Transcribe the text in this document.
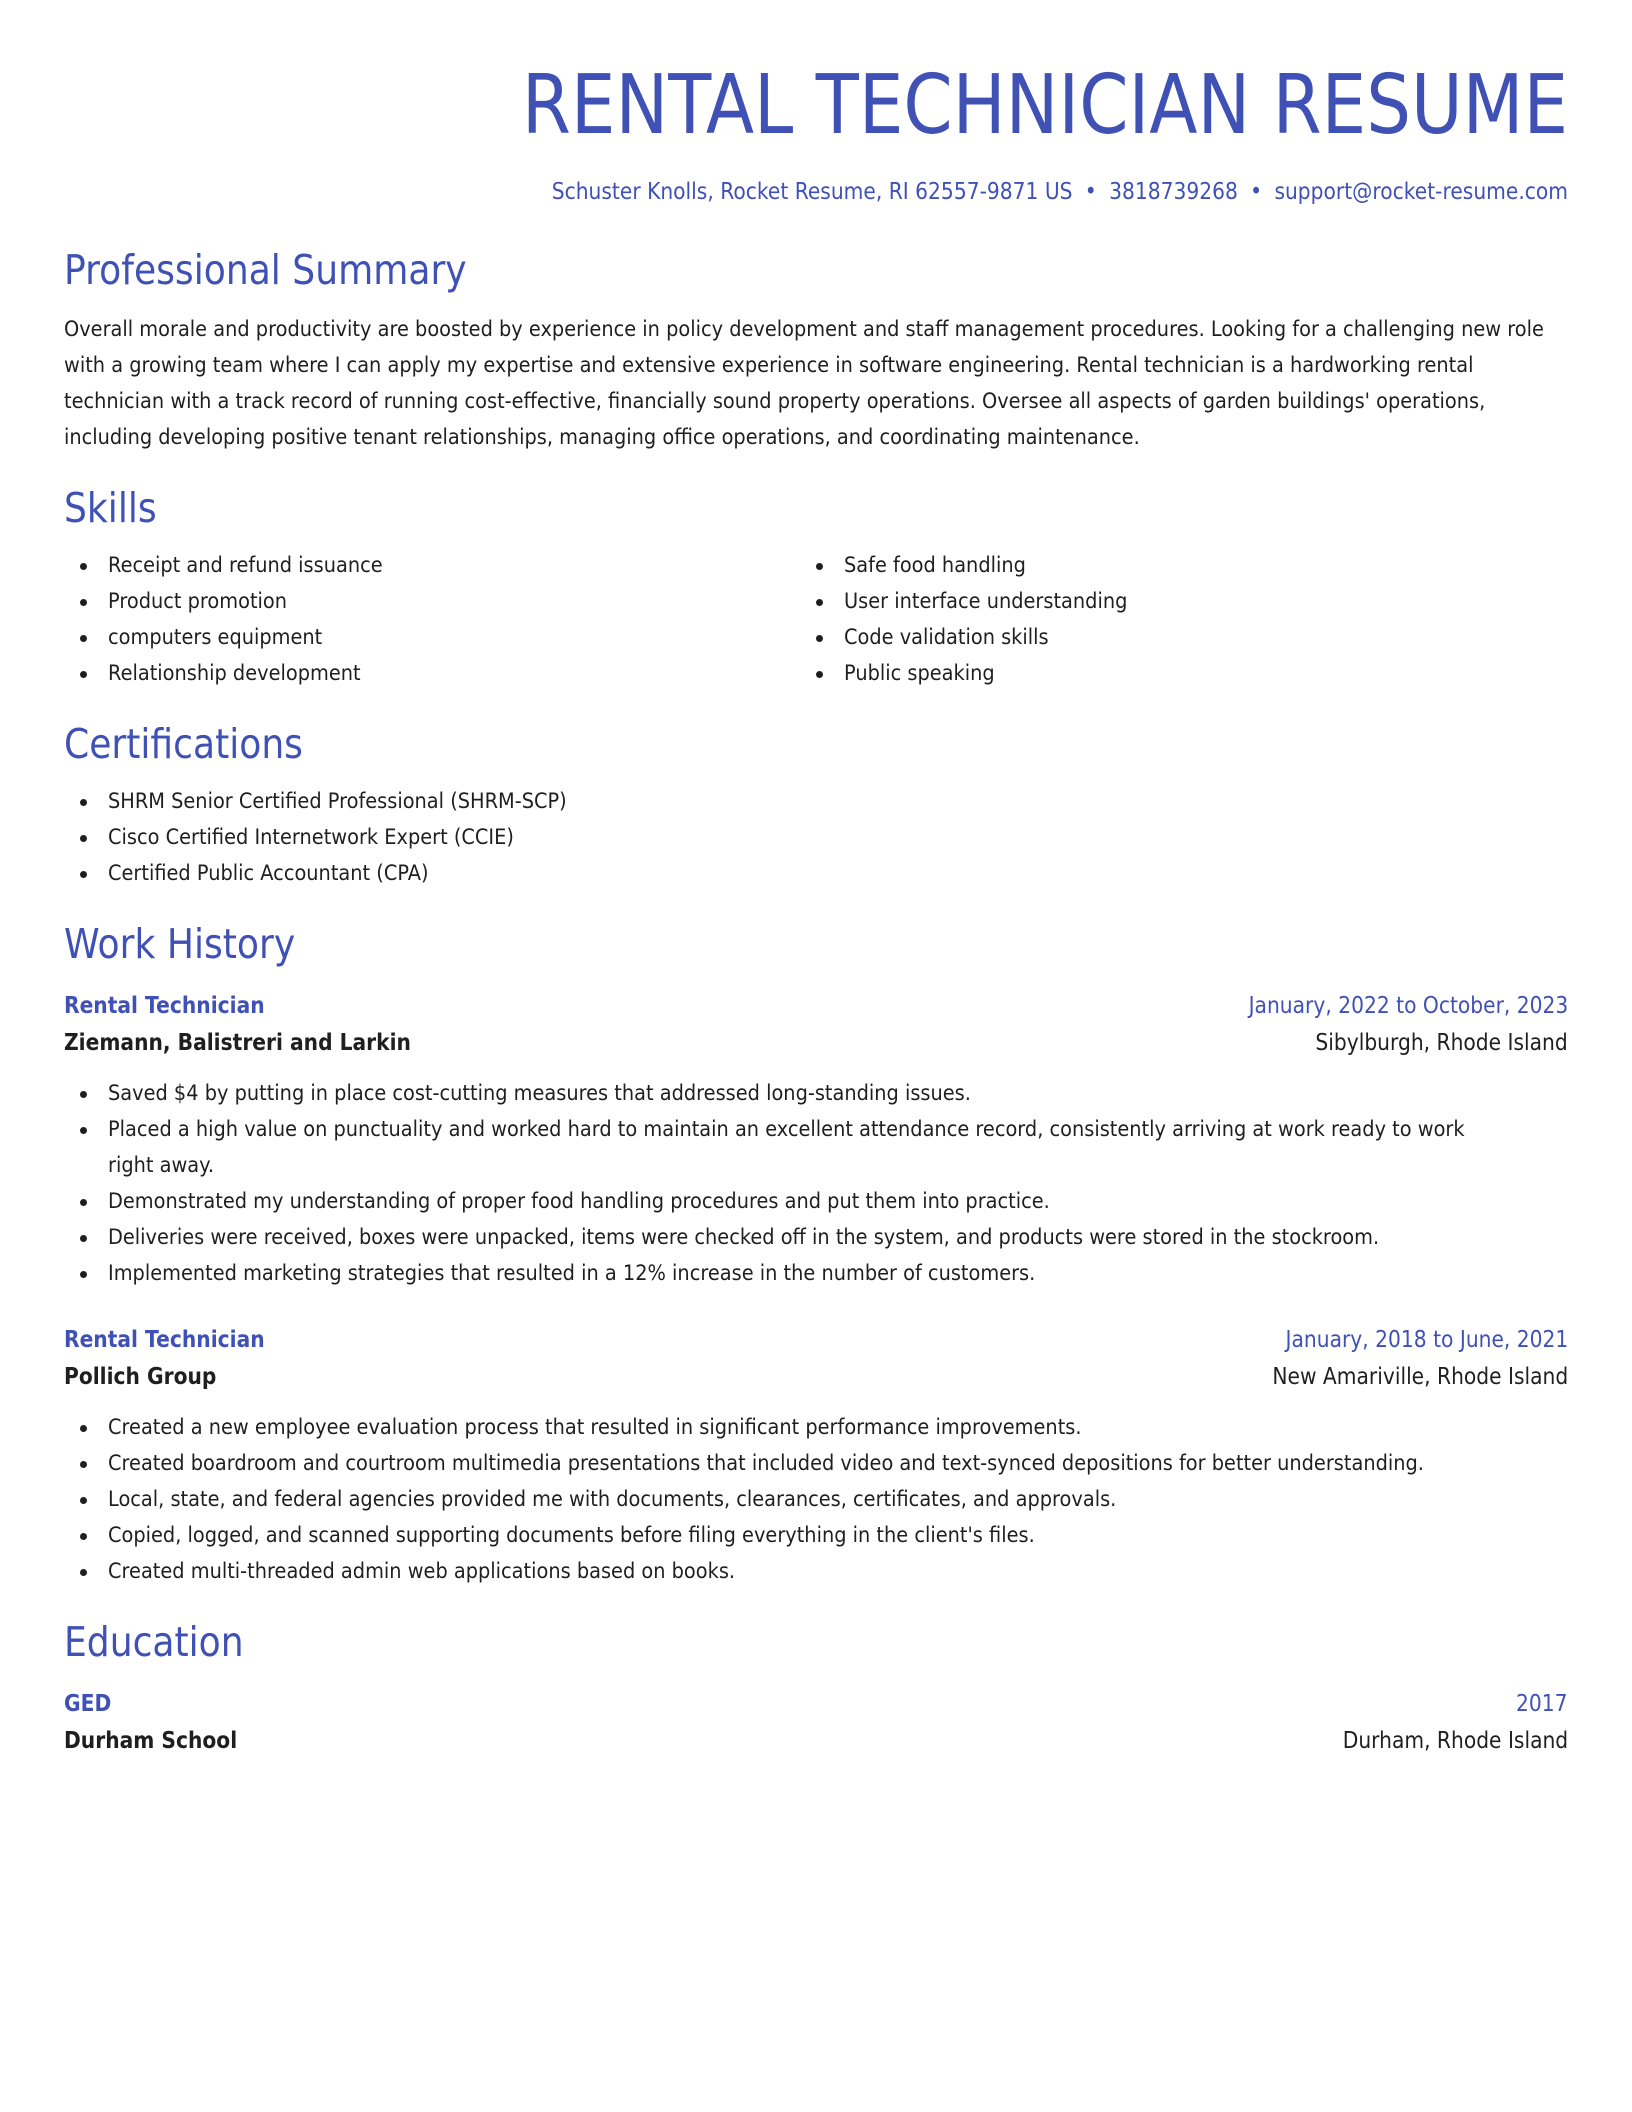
RENTAL TECHNICIAN RESUME
Schuster Knolls, Rocket Resume, RI 62557-9871 US • 3818739268 • support@rocket-resume.com
Professional Summary

Overall morale and productivity are boosted by experience in policy development and staff management procedures. Looking for a challenging new role with a growing team where I can apply my expertise and extensive experience in software engineering. Rental technician is a hardworking rental technician with a track record of running cost-effective, financially sound property operations. Oversee all aspects of garden buildings' operations, including developing positive tenant relationships, managing office operations, and coordinating maintenance.

Skills
Receipt and refund issuance
Product promotion
computers equipment
Relationship development
Safe food handling
User interface understanding
Code validation skills
Public speaking
Certifications
SHRM Senior Certified Professional (SHRM-SCP)
Cisco Certified Internetwork Expert (CCIE)
Certified Public Accountant (CPA)
Work History
Rental Technician	January, 2022 to October, 2023
Ziemann, Balistreri and Larkin	Sibylburgh, Rhode Island
Saved $4 by putting in place cost-cutting measures that addressed long-standing issues.
Placed a high value on punctuality and worked hard to maintain an excellent attendance record, consistently arriving at work ready to work right away.
Demonstrated my understanding of proper food handling procedures and put them into practice.
Deliveries were received, boxes were unpacked, items were checked off in the system, and products were stored in the stockroom.
Implemented marketing strategies that resulted in a 12% increase in the number of customers.
Rental Technician	January, 2018 to June, 2021
Pollich Group	New Amariville, Rhode Island
Created a new employee evaluation process that resulted in significant performance improvements.
Created boardroom and courtroom multimedia presentations that included video and text-synced depositions for better understanding.
Local, state, and federal agencies provided me with documents, clearances, certificates, and approvals.
Copied, logged, and scanned supporting documents before filing everything in the client's files.
Created multi-threaded admin web applications based on books.
Education
GED	2017
Durham School	Durham, Rhode Island
